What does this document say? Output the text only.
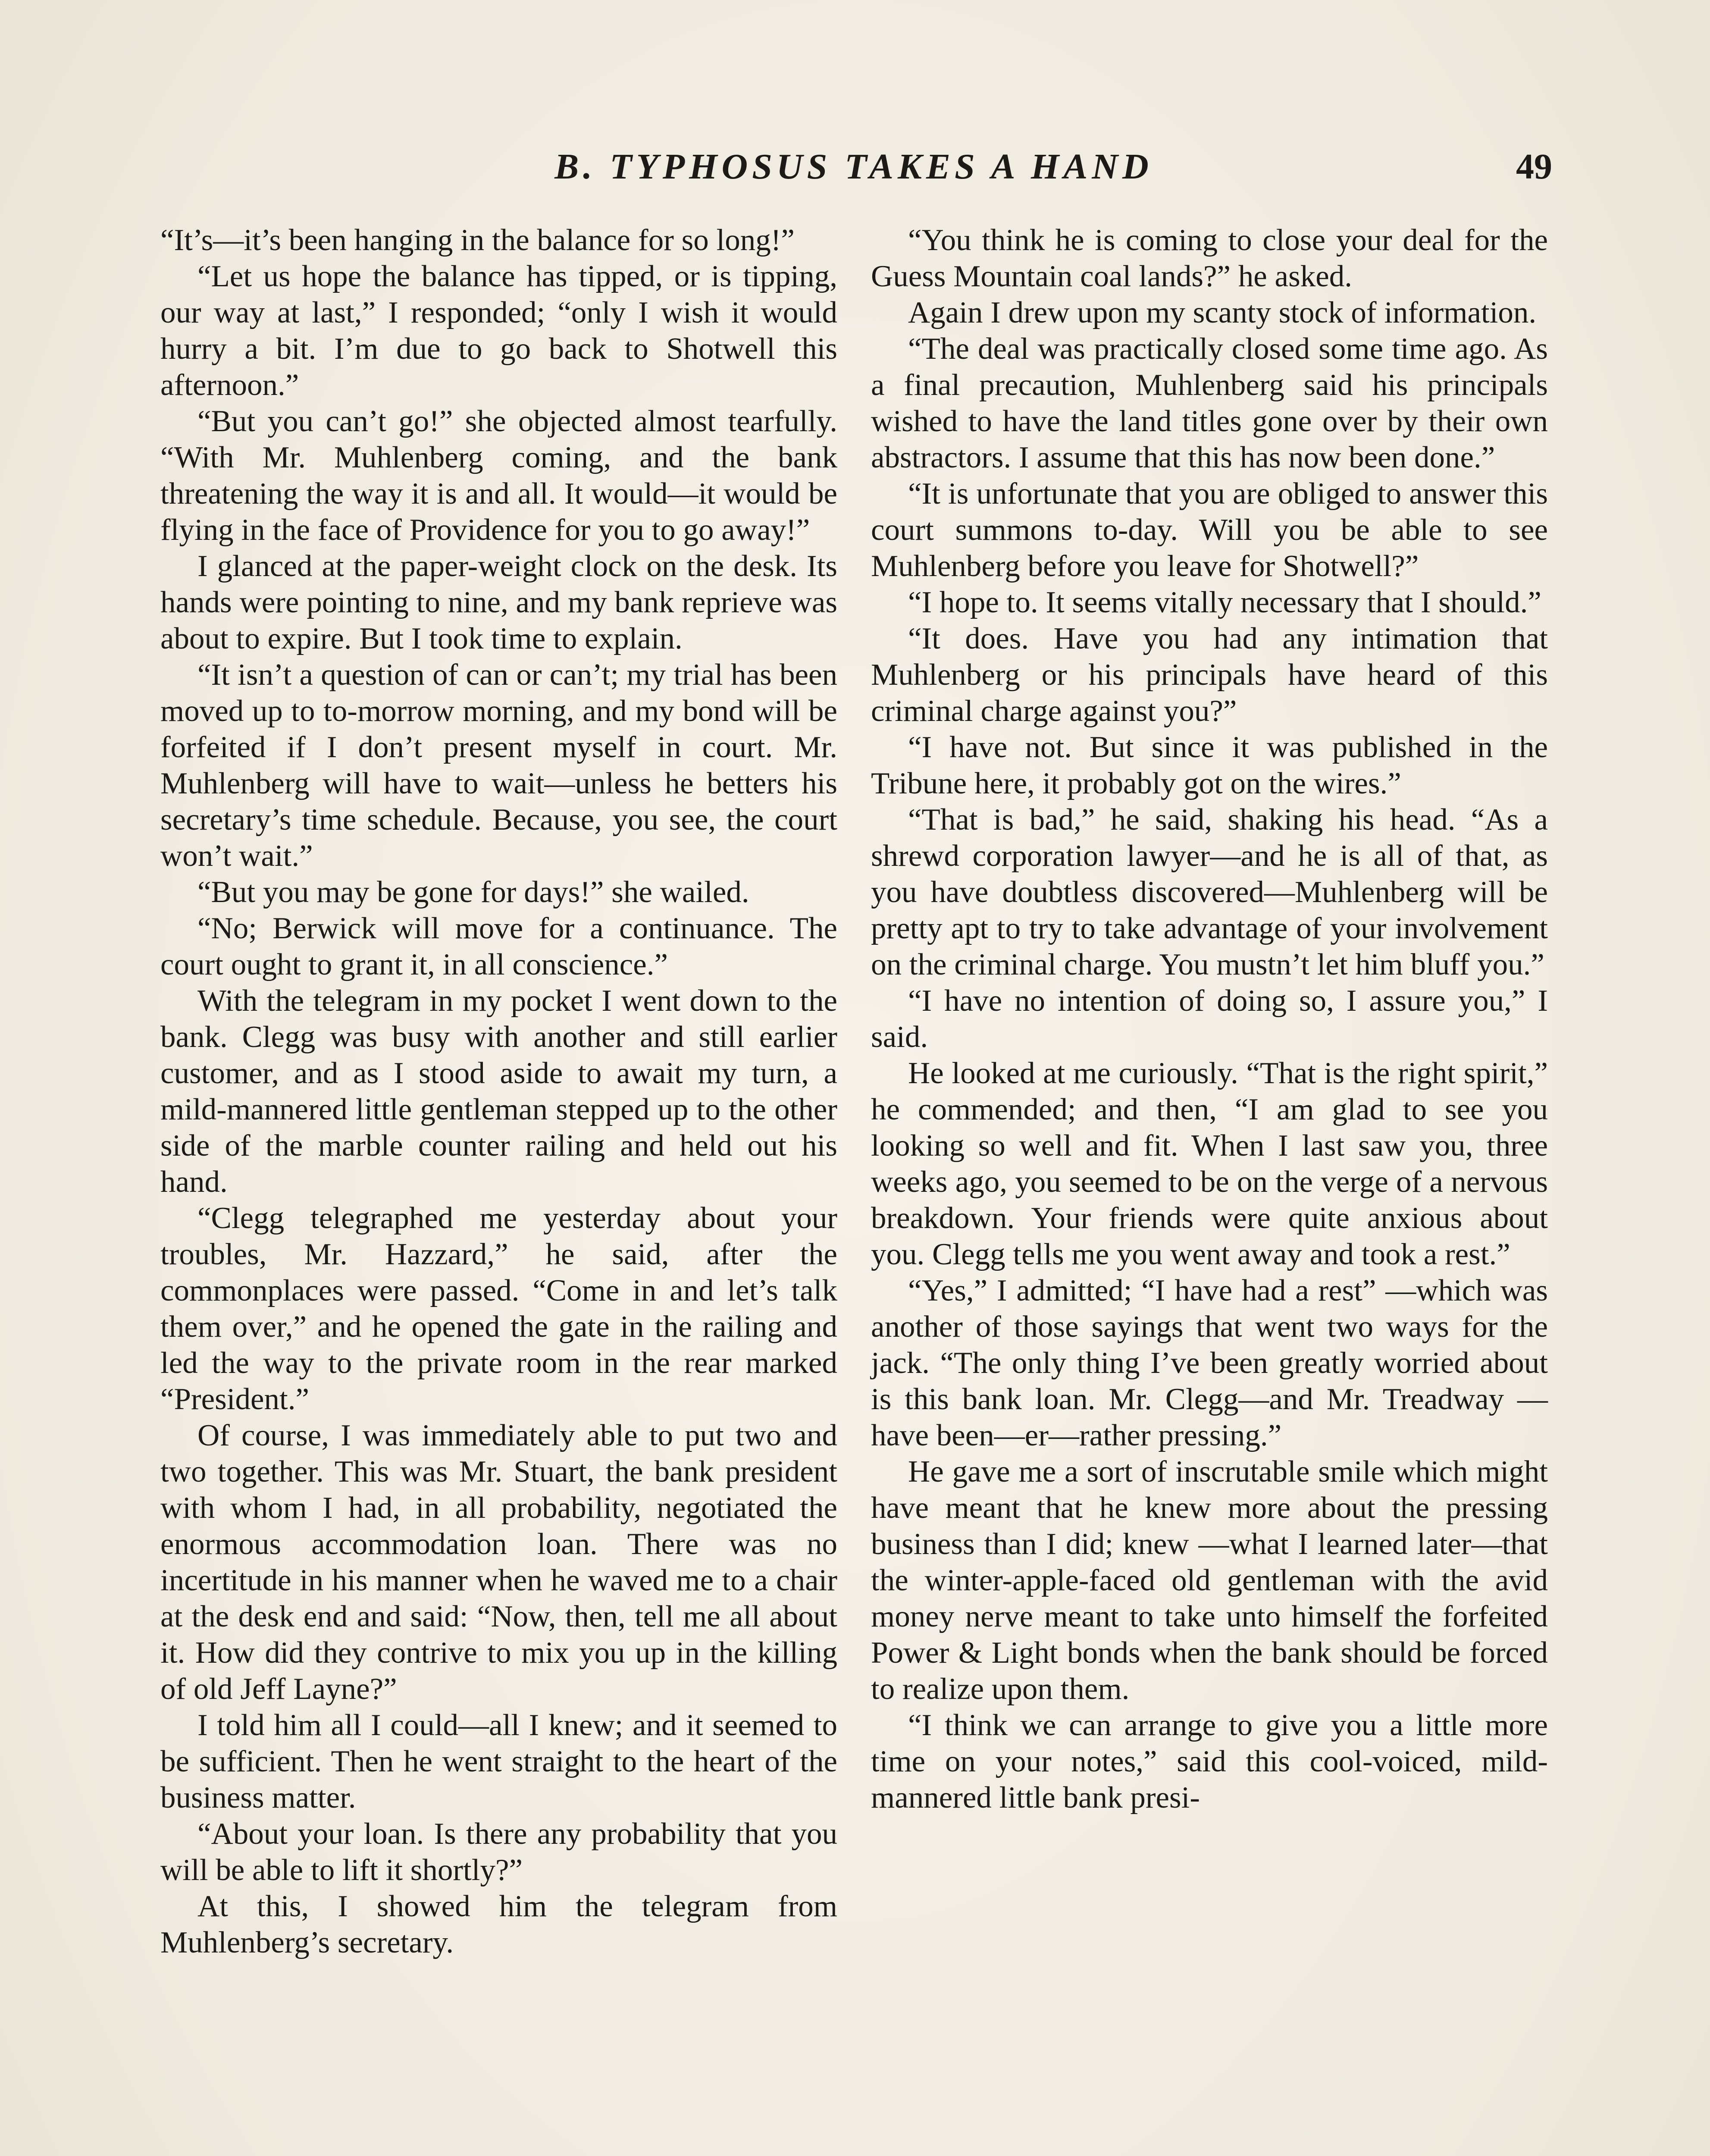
B. TYPHOSUS TAKES A HAND	49

“It’s—it’s been hanging in the balance for so long!”

“Let us hope the balance has tipped, or is tipping, our way at last,” I responded; “only I wish it would hurry a bit. I’m due to go back to Shotwell this afternoon.”

“But you can’t go!” she objected almost tearfully. “With Mr. Muhlenberg coming, and the bank threatening the way it is and all. It would—it would be flying in the face of Providence for you to go away!”

I glanced at the paper-weight clock on the desk. Its hands were pointing to nine, and my bank reprieve was about to expire. But I took time to explain.

“It isn’t a question of can or can’t; my trial has been moved up to to-morrow morning, and my bond will be forfeited if I don’t present myself in court. Mr. Muhlenberg will have to wait—unless he betters his secretary’s time schedule. Because, you see, the court won’t wait.”

“But you may be gone for days!” she wailed.

“No; Berwick will move for a continuance. The court ought to grant it, in all conscience.”

With the telegram in my pocket I went down to the bank. Clegg was busy with another and still earlier customer, and as I stood aside to await my turn, a mild-mannered little gentleman stepped up to the other side of the marble counter railing and held out his hand.

“Clegg telegraphed me yesterday about your troubles, Mr. Hazzard,” he said, after the commonplaces were passed. “Come in and let’s talk them over,” and he opened the gate in the railing and led the way to the private room in the rear marked “President.”

Of course, I was immediately able to put two and two together. This was Mr. Stuart, the bank president with whom I had, in all probability, negotiated the enormous accommodation loan. There was no incertitude in his manner when he waved me to a chair at the desk end and said: “Now, then, tell me all about it. How did they contrive to mix you up in the killing of old Jeff Layne?”

I told him all I could—all I knew; and it seemed to be sufficient. Then he went straight to the heart of the business matter.

“About your loan. Is there any probability that you will be able to lift it shortly?”

At this, I showed him the telegram from Muhlenberg’s secretary.

“You think he is coming to close your deal for the Guess Mountain coal lands?” he asked.

Again I drew upon my scanty stock of information.

“The deal was practically closed some time ago. As a final precaution, Muhlenberg said his principals wished to have the land titles gone over by their own abstractors. I assume that this has now been done.”

“It is unfortunate that you are obliged to answer this court summons to-day. Will you be able to see Muhlenberg before you leave for Shotwell?”

“I hope to. It seems vitally necessary that I should.”

“It does. Have you had any intimation that Muhlenberg or his principals have heard of this criminal charge against you?”

“I have not. But since it was published in the Tribune here, it probably got on the wires.”

“That is bad,” he said, shaking his head. “As a shrewd corporation lawyer—and he is all of that, as you have doubtless discovered—Muhlenberg will be pretty apt to try to take advantage of your involvement on the criminal charge. You mustn’t let him bluff you.”

“I have no intention of doing so, I assure you,” I said.

He looked at me curiously. “That is the right spirit,” he commended; and then, “I am glad to see you looking so well and fit. When I last saw you, three weeks ago, you seemed to be on the verge of a nervous breakdown. Your friends were quite anxious about you. Clegg tells me you went away and took a rest.”

“Yes,” I admitted; “I have had a rest” —which was another of those sayings that went two ways for the jack. “The only thing I’ve been greatly worried about is this bank loan. Mr. Clegg—and Mr. Treadway —have been—er—rather pressing.”

He gave me a sort of inscrutable smile which might have meant that he knew more about the pressing business than I did; knew —what I learned later—that the winter-apple-faced old gentleman with the avid money nerve meant to take unto himself the forfeited Power & Light bonds when the bank should be forced to realize upon them.

“I think we can arrange to give you a little more time on your notes,” said this cool-voiced, mild-mannered little bank presi-
